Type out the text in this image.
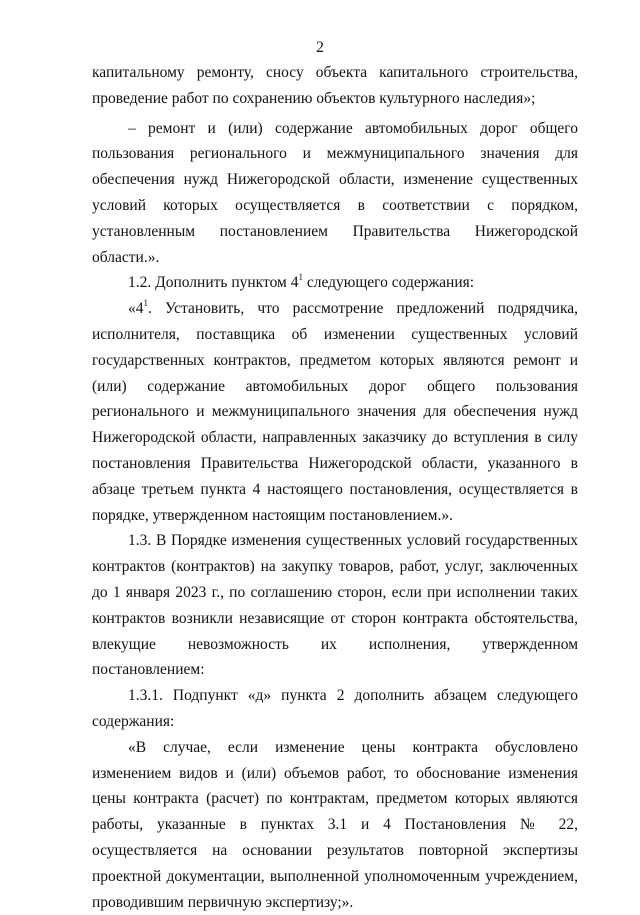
2

капитальному ремонту, сносу объекта капитального строительства, проведение работ по сохранению объектов культурного наследия»;

– ремонт и (или) содержание автомобильных дорог общего пользования регионального и межмуниципального значения для обеспечения нужд Нижегородской области, изменение существенных условий которых осуществляется в соответствии с порядком, установленным постановлением Правительства Нижегородской области.».

1.2. Дополнить пунктом $4^1$ следующего содержания:

«$4^1$. Установить, что рассмотрение предложений подрядчика, исполнителя, поставщика об изменении существенных условий государственных контрактов, предметом которых являются ремонт и (или) содержание автомобильных дорог общего пользования регионального и межмуниципального значения для обеспечения нужд Нижегородской области, направленных заказчику до вступления в силу постановления Правительства Нижегородской области, указанного в абзаце третьем пункта 4 настоящего постановления, осуществляется в порядке, утвержденном настоящим постановлением.».

1.3. В Порядке изменения существенных условий государственных контрактов (контрактов) на закупку товаров, работ, услуг, заключенных до 1 января 2023 г., по соглашению сторон, если при исполнении таких контрактов возникли независящие от сторон контракта обстоятельства, влекущие невозможность их исполнения, утвержденном постановлением:

1.3.1. Подпункт «д» пункта 2 дополнить абзацем следующего содержания:

«В случае, если изменение цены контракта обусловлено изменением видов и (или) объемов работ, то обоснование изменения цены контракта (расчет) по контрактам, предметом которых являются работы, указанные в пунктах 3.1 и 4 Постановления № 22, осуществляется на основании результатов повторной экспертизы проектной документации, выполненной уполномоченным учреждением, проводившим первичную экспертизу;».
